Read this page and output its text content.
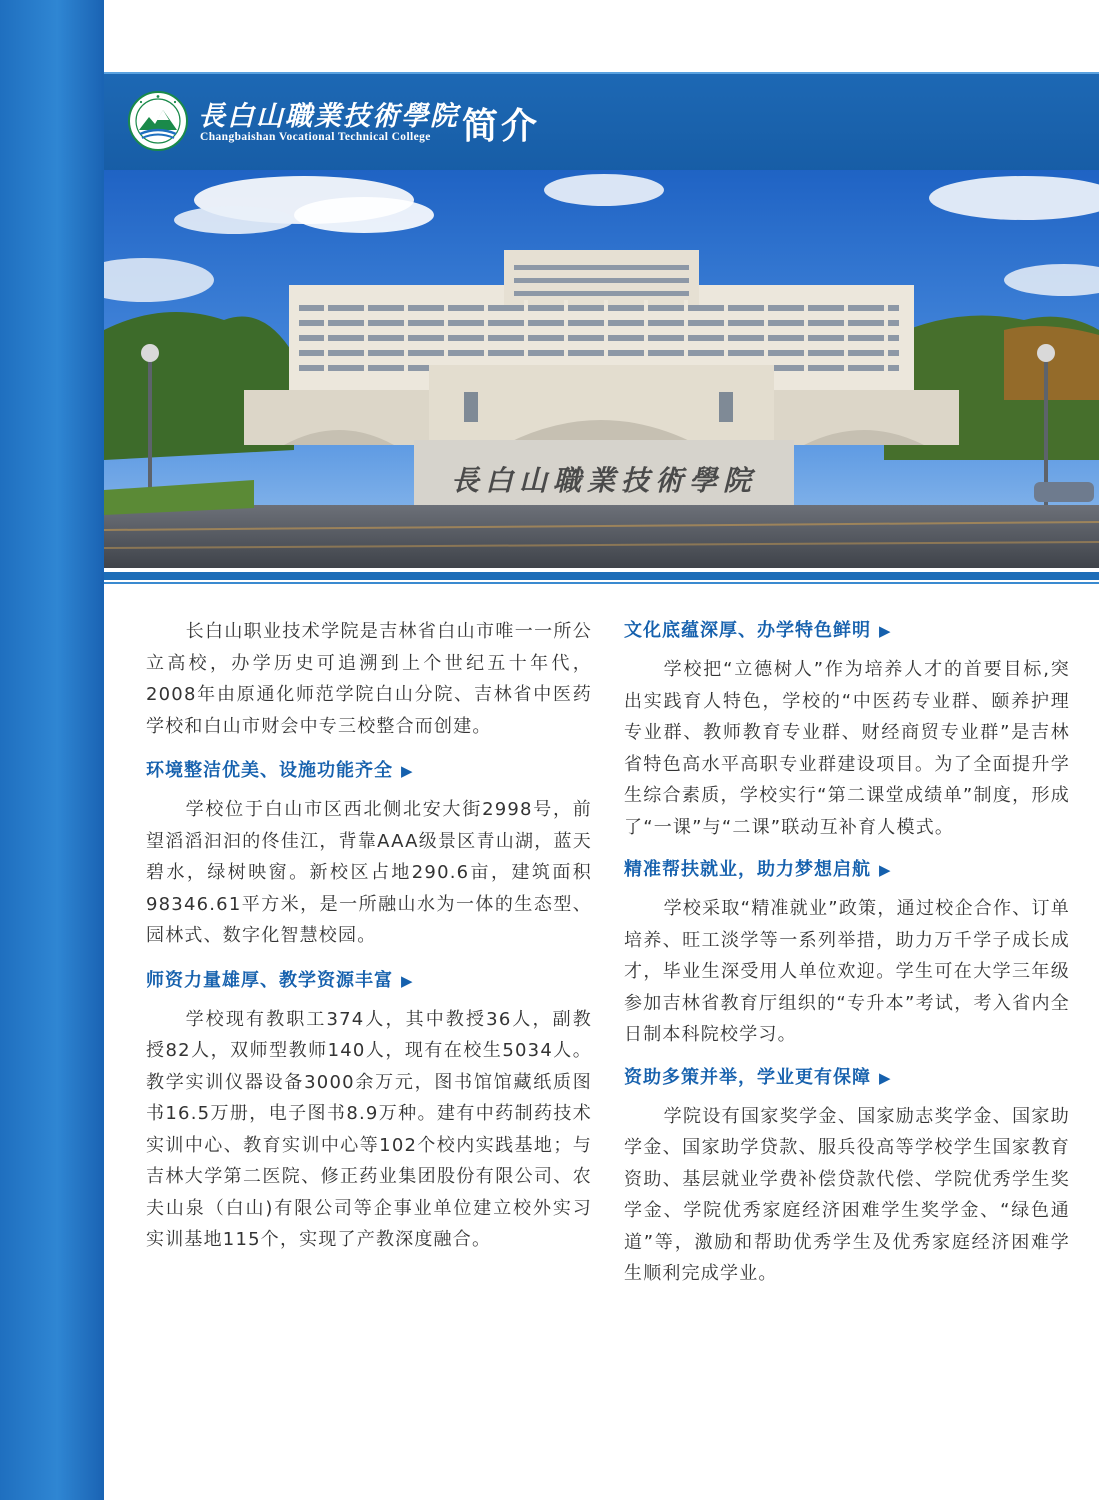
長白山職業技術學院
Changbaishan Vocational Technical College 简介
長白山職業技術學院

长白山职业技术学院是吉林省白山市唯一一所公立高校，办学历史可追溯到上个世纪五十年代，2008年由原通化师范学院白山分院、吉林省中医药学校和白山市财会中专三校整合而创建。

环境整洁优美、设施功能齐全 ▶

学校位于白山市区西北侧北安大街2998号，前望滔滔汩汩的佟佳江，背靠AAA级景区青山湖，蓝天碧水，绿树映窗。新校区占地290.6亩，建筑面积98346.61平方米，是一所融山水为一体的生态型、园林式、数字化智慧校园。

师资力量雄厚、教学资源丰富 ▶

学校现有教职工374人，其中教授36人，副教授82人，双师型教师140人，现有在校生5034人。教学实训仪器设备3000余万元，图书馆馆藏纸质图书16.5万册，电子图书8.9万种。建有中药制药技术实训中心、教育实训中心等102个校内实践基地；与吉林大学第二医院、修正药业集团股份有限公司、农夫山泉（白山)有限公司等企事业单位建立校外实习实训基地115个，实现了产教深度融合。

文化底蕴深厚、办学特色鲜明 ▶

学校把“立德树人”作为培养人才的首要目标,突出实践育人特色，学校的“中医药专业群、颐养护理专业群、教师教育专业群、财经商贸专业群”是吉林省特色高水平高职专业群建设项目。为了全面提升学生综合素质，学校实行“第二课堂成绩单”制度，形成了“一课”与“二课”联动互补育人模式。

精准帮扶就业，助力梦想启航 ▶

学校采取“精准就业”政策，通过校企合作、订单培养、旺工淡学等一系列举措，助力万千学子成长成才，毕业生深受用人单位欢迎。学生可在大学三年级参加吉林省教育厅组织的“专升本”考试，考入省内全日制本科院校学习。

资助多策并举，学业更有保障 ▶

学院设有国家奖学金、国家励志奖学金、国家助学金、国家助学贷款、服兵役高等学校学生国家教育资助、基层就业学费补偿贷款代偿、学院优秀学生奖学金、学院优秀家庭经济困难学生奖学金、“绿色通道”等，激励和帮助优秀学生及优秀家庭经济困难学生顺利完成学业。
